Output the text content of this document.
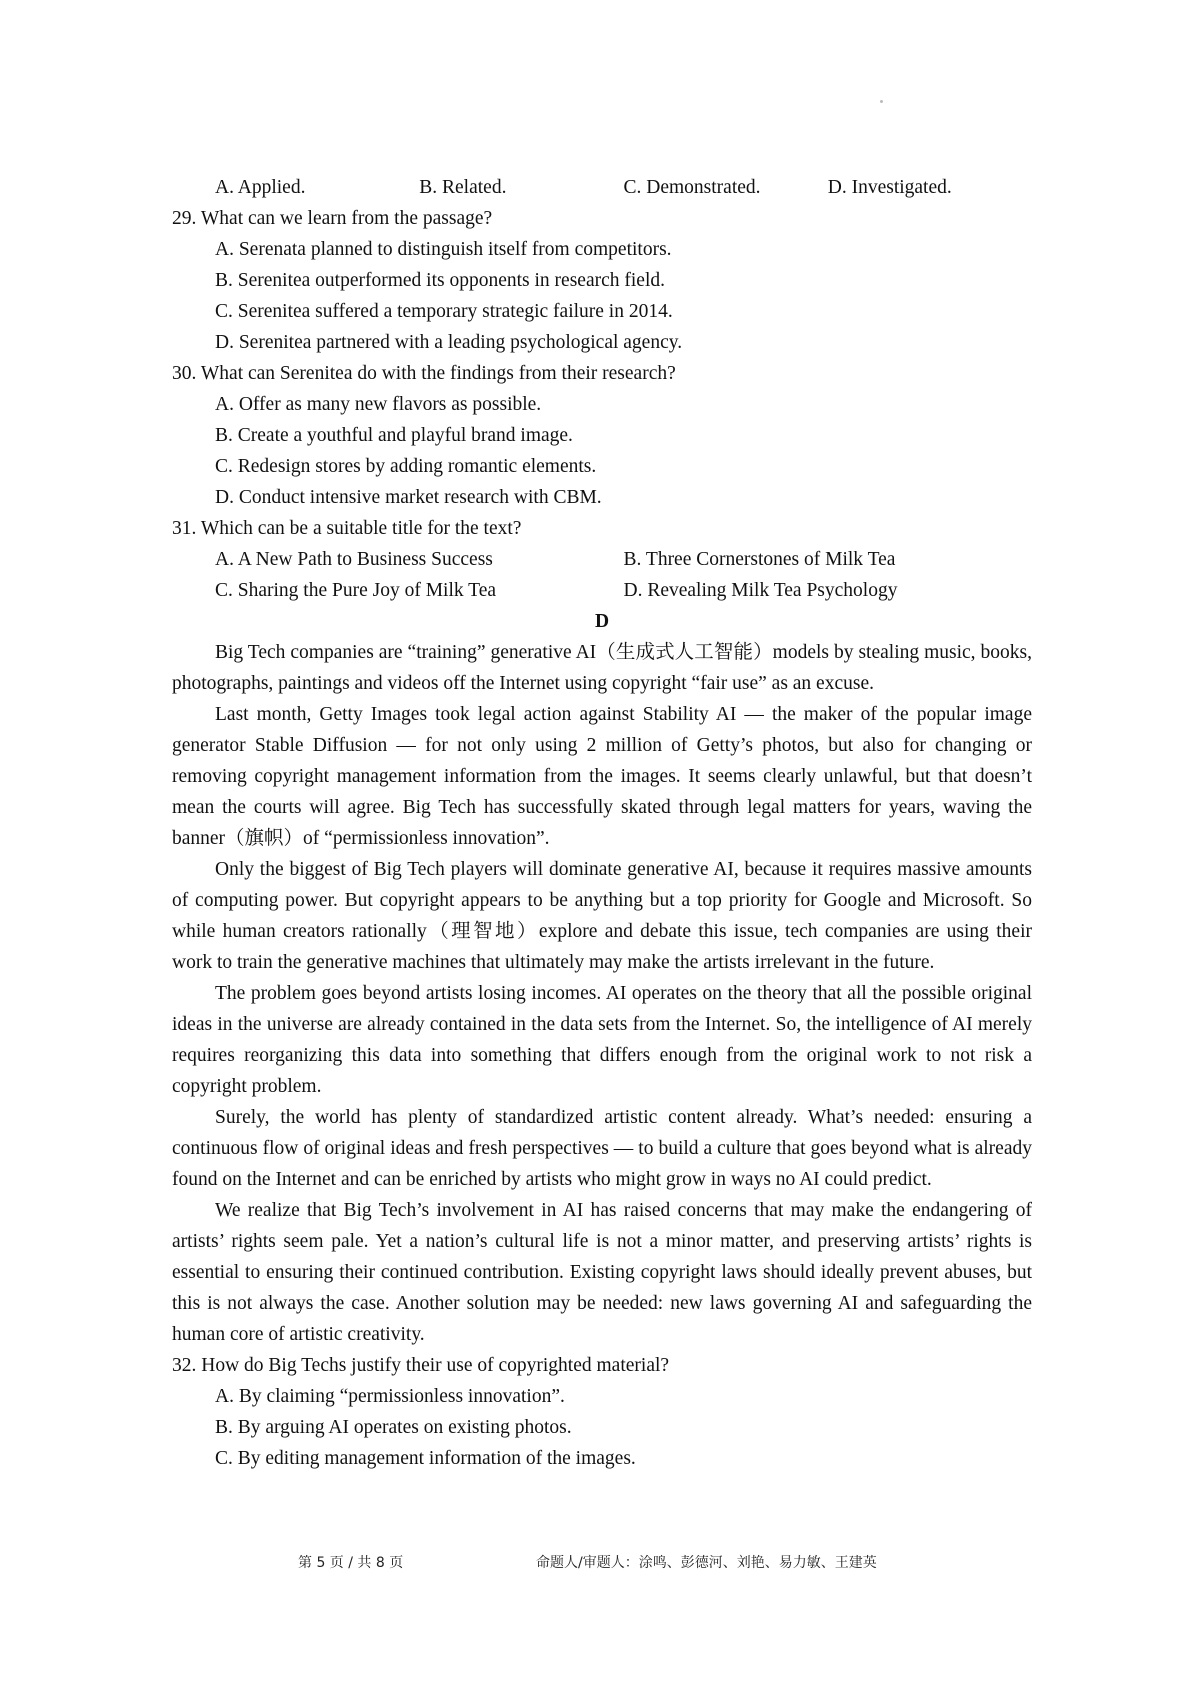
A. Applied.	B. Related.	C. Demonstrated.	D. Investigated.
29. What can we learn from the passage?
A. Serenata planned to distinguish itself from competitors.
B. Serenitea outperformed its opponents in research field.
C. Serenitea suffered a temporary strategic failure in 2014.
D. Serenitea partnered with a leading psychological agency.
30. What can Serenitea do with the findings from their research?
A. Offer as many new flavors as possible.
B. Create a youthful and playful brand image.
C. Redesign stores by adding romantic elements.
D. Conduct intensive market research with CBM.
31. Which can be a suitable title for the text?
A. A New Path to Business Success	B. Three Cornerstones of Milk Tea
C. Sharing the Pure Joy of Milk Tea	D. Revealing Milk Tea Psychology
D
Big Tech companies are “training” generative AI（生成式人工智能）models by stealing music, books, photographs, paintings and videos off the Internet using copyright “fair use” as an excuse.
Last month, Getty Images took legal action against Stability AI — the maker of the popular image generator Stable Diffusion — for not only using 2 million of Getty’s photos, but also for changing or removing copyright management information from the images. It seems clearly unlawful, but that doesn’t mean the courts will agree. Big Tech has successfully skated through legal matters for years, waving the banner（旗帜）of “permissionless innovation”.
Only the biggest of Big Tech players will dominate generative AI, because it requires massive amounts of computing power. But copyright appears to be anything but a top priority for Google and Microsoft. So while human creators rationally（理智地）explore and debate this issue, tech companies are using their work to train the generative machines that ultimately may make the artists irrelevant in the future.
The problem goes beyond artists losing incomes. AI operates on the theory that all the possible original ideas in the universe are already contained in the data sets from the Internet. So, the intelligence of AI merely requires reorganizing this data into something that differs enough from the original work to not risk a copyright problem.
Surely, the world has plenty of standardized artistic content already. What’s needed: ensuring a continuous flow of original ideas and fresh perspectives — to build a culture that goes beyond what is already found on the Internet and can be enriched by artists who might grow in ways no AI could predict.
We realize that Big Tech’s involvement in AI has raised concerns that may make the endangering of artists’ rights seem pale. Yet a nation’s cultural life is not a minor matter, and preserving artists’ rights is essential to ensuring their continued contribution. Existing copyright laws should ideally prevent abuses, but this is not always the case. Another solution may be needed: new laws governing AI and safeguarding the human core of artistic creativity.
32. How do Big Techs justify their use of copyrighted material?
A. By claiming “permissionless innovation”.
B. By arguing AI operates on existing photos.
C. By editing management information of the images.
第 5 页 / 共 8 页	命题人/审题人：涂鸣、彭德河、刘艳、易力敏、王建英
